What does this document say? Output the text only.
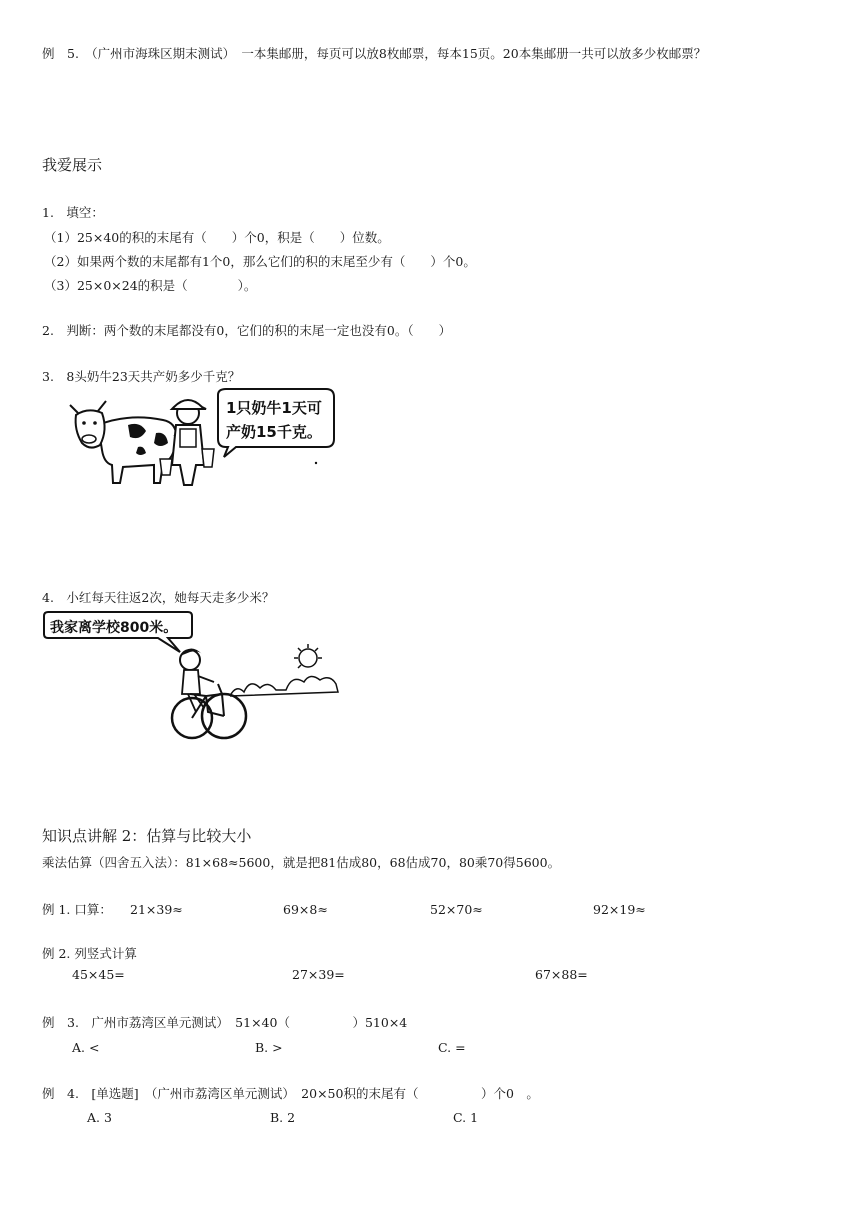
例　5.　（广州市海珠区期末测试）　一本集邮册，每页可以放8枚邮票，每本15页。20本集邮册一共可以放多少枚邮票？
我爱展示
1.　填空：
（1）25×40的积的末尾有（　　）个0，积是（　　）位数。
（2）如果两个数的末尾都有1个0，那么它们的积的末尾至少有（　　）个0。
（3）25×0×24的积是（　　　　）。
2.　判断：两个数的末尾都没有0，它们的积的末尾一定也没有0。（　　）
3.　8头奶牛23天共产奶多少千克？
1只奶牛1天可
产奶15千克。
4.　小红每天往返2次，她每天走多少米？
我家离学校800米。
知识点讲解 2：估算与比较大小
乘法估算（四舍五入法）：81×68≈5600，就是把81估成80，68估成70，80乘70得5600。
例 1. 口算： 21×39≈	69×8≈	52×70≈	92×19≈
例 2. 列竖式计算
45×45=	27×39=	67×88=
例　3.　广州市荔湾区单元测试）　51×40（　　　　　）510×4
A. <	B. >	C. =
例　4.　[单选题]　（广州市荔湾区单元测试）　20×50积的末尾有（　　　　　）个0　。
A. 3	B. 2	C. 1
